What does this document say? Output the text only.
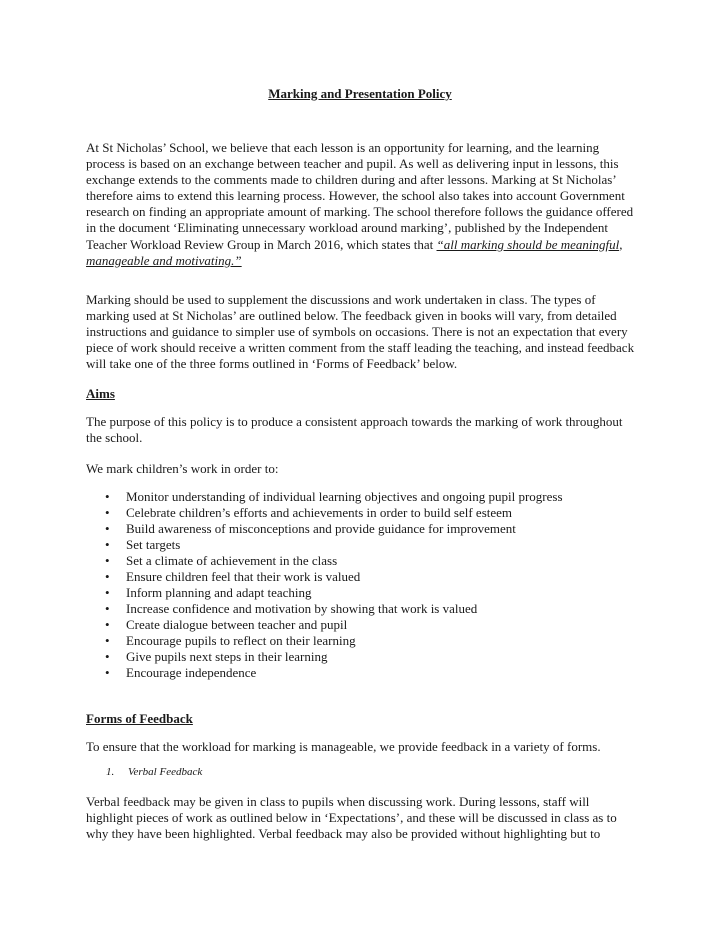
Marking and Presentation Policy
At St Nicholas’ School, we believe that each lesson is an opportunity for learning, and the learning
process is based on an exchange between teacher and pupil. As well as delivering input in lessons, this
exchange extends to the comments made to children during and after lessons. Marking at St Nicholas’
therefore aims to extend this learning process. However, the school also takes into account Government
research on finding an appropriate amount of marking. The school therefore follows the guidance offered
in the document ‘Eliminating unnecessary workload around marking’, published by the Independent
Teacher Workload Review Group in March 2016, which states that “all marking should be meaningful,
manageable and motivating.”
Marking should be used to supplement the discussions and work undertaken in class. The types of
marking used at St Nicholas’ are outlined below. The feedback given in books will vary, from detailed
instructions and guidance to simpler use of symbols on occasions. There is not an expectation that every
piece of work should receive a written comment from the staff leading the teaching, and instead feedback
will take one of the three forms outlined in ‘Forms of Feedback’ below.
Aims
The purpose of this policy is to produce a consistent approach towards the marking of work throughout
the school.
We mark children’s work in order to:
• Monitor understanding of individual learning objectives and ongoing pupil progress
• Celebrate children’s efforts and achievements in order to build self esteem
• Build awareness of misconceptions and provide guidance for improvement
• Set targets
• Set a climate of achievement in the class
• Ensure children feel that their work is valued
• Inform planning and adapt teaching
• Increase confidence and motivation by showing that work is valued
• Create dialogue between teacher and pupil
• Encourage pupils to reflect on their learning
• Give pupils next steps in their learning
• Encourage independence
Forms of Feedback
To ensure that the workload for marking is manageable, we provide feedback in a variety of forms.
1. Verbal Feedback
Verbal feedback may be given in class to pupils when discussing work. During lessons, staff will
highlight pieces of work as outlined below in ‘Expectations’, and these will be discussed in class as to
why they have been highlighted. Verbal feedback may also be provided without highlighting but to
